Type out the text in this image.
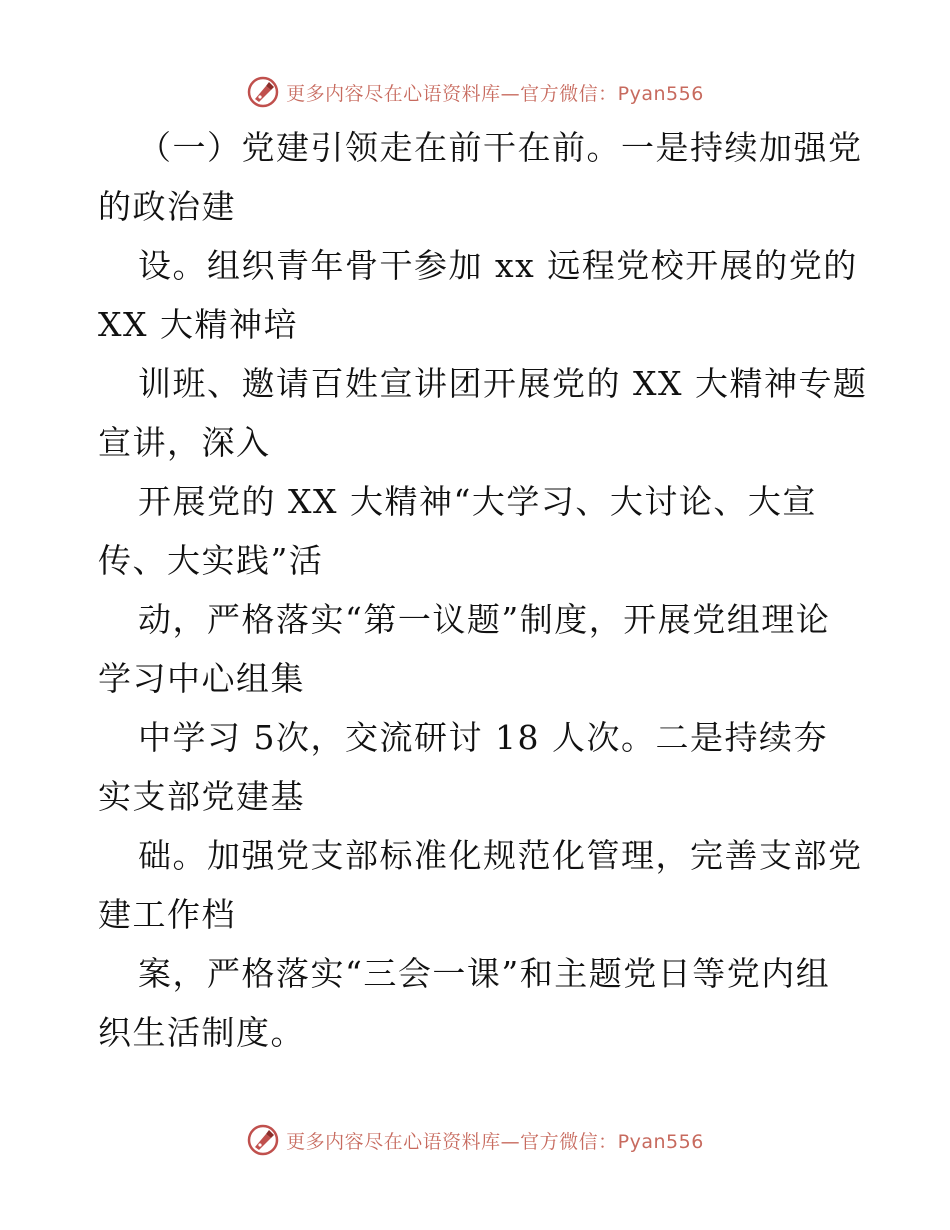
更多内容尽在心语资料库—官方微信：Pyan556
（一）党建引领走在前干在前。一是持续加强党
的政治建
设。组织青年骨干参加 xx 远程党校开展的党的
XX 大精神培
训班、邀请百姓宣讲团开展党的 XX 大精神专题
宣讲，深入
开展党的 XX 大精神“大学习、大讨论、大宣
传、大实践”活
动，严格落实“第一议题”制度，开展党组理论
学习中心组集
中学习 5次，交流研讨 18 人次。二是持续夯
实支部党建基
础。加强党支部标准化规范化管理，完善支部党
建工作档
案，严格落实“三会一课”和主题党日等党内组
织生活制度。
更多内容尽在心语资料库—官方微信：Pyan556
